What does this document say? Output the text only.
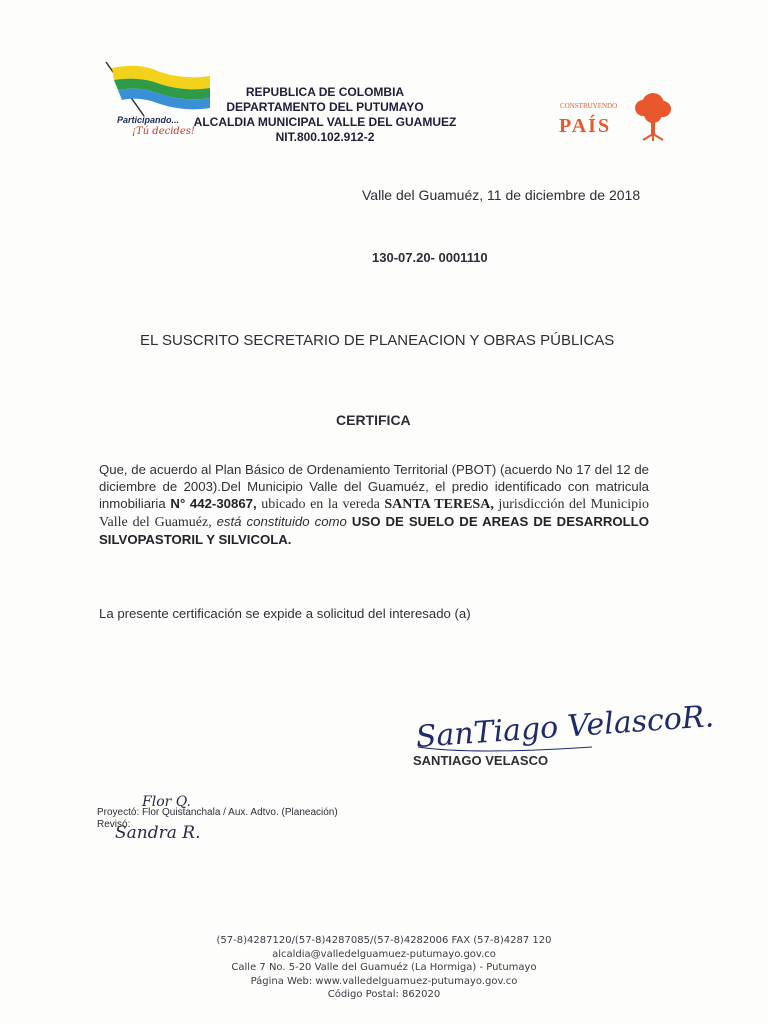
Participando...
¡Tú decides!
REPUBLICA DE COLOMBIA
DEPARTAMENTO DEL PUTUMAYO
ALCALDIA MUNICIPAL VALLE DEL GUAMUEZ
NIT.800.102.912-2
CONSTRUYENDO
PAÍS
Valle del Guamuéz, 11 de diciembre de 2018
130-07.20- 0001110
EL SUSCRITO SECRETARIO DE PLANEACION Y OBRAS PÚBLICAS
CERTIFICA
Que, de acuerdo al Plan Básico de Ordenamiento Territorial (PBOT) (acuerdo No 17 del 12 de diciembre de 2003).Del Municipio Valle del Guamuéz, el predio identificado con matricula inmobiliaria N° 442-30867, ubicado en la vereda SANTA TERESA, jurisdicción del Municipio Valle del Guamuéz, está constituido como USO DE SUELO DE AREAS DE DESARROLLO SILVOPASTORIL Y SILVICOLA.
La presente certificación se expide a solicitud del interesado (a)
SanTiago VelascoR.
SANTIAGO VELASCO
Flor Q.
Sandra R.
Proyectó: Flor Quistanchala / Aux. Adtvo. (Planeación)
Revisó:
(57-8)4287120/(57-8)4287085/(57-8)4282006 FAX (57-8)4287 120
alcaldia@valledelguamuez-putumayo.gov.co
Calle 7 No. 5-20 Valle del Guamuéz (La Hormiga) - Putumayo
Página Web: www.valledelguamuez-putumayo.gov.co
Código Postal: 862020
